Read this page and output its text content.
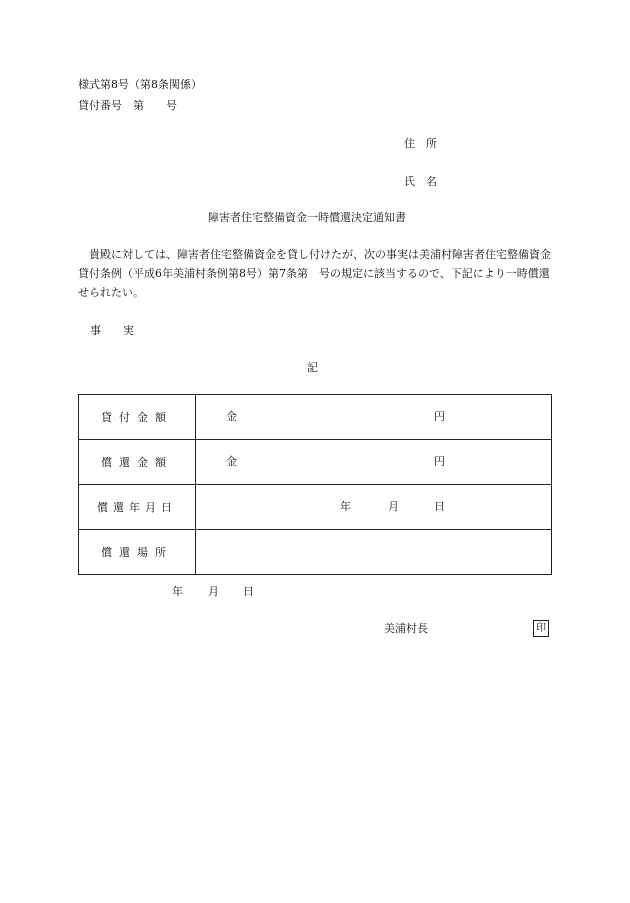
様式第8号（第8条関係）
貸付番号　第　　号
住　所
氏　名
障害者住宅整備資金一時償還決定通知書
　貴殿に対しては、障害者住宅整備資金を貸し付けたが、次の事実は美浦村障害者住宅整備資金貸付条例（平成6年美浦村条例第8号）第7条第　号の規定に該当するので、下記により一時償還せられたい。
事　　実
記
貸付金額	金 円

償還金額	金 円

償還年月日	年 月 日

償還場所	
年 月 日
美浦村長	印
